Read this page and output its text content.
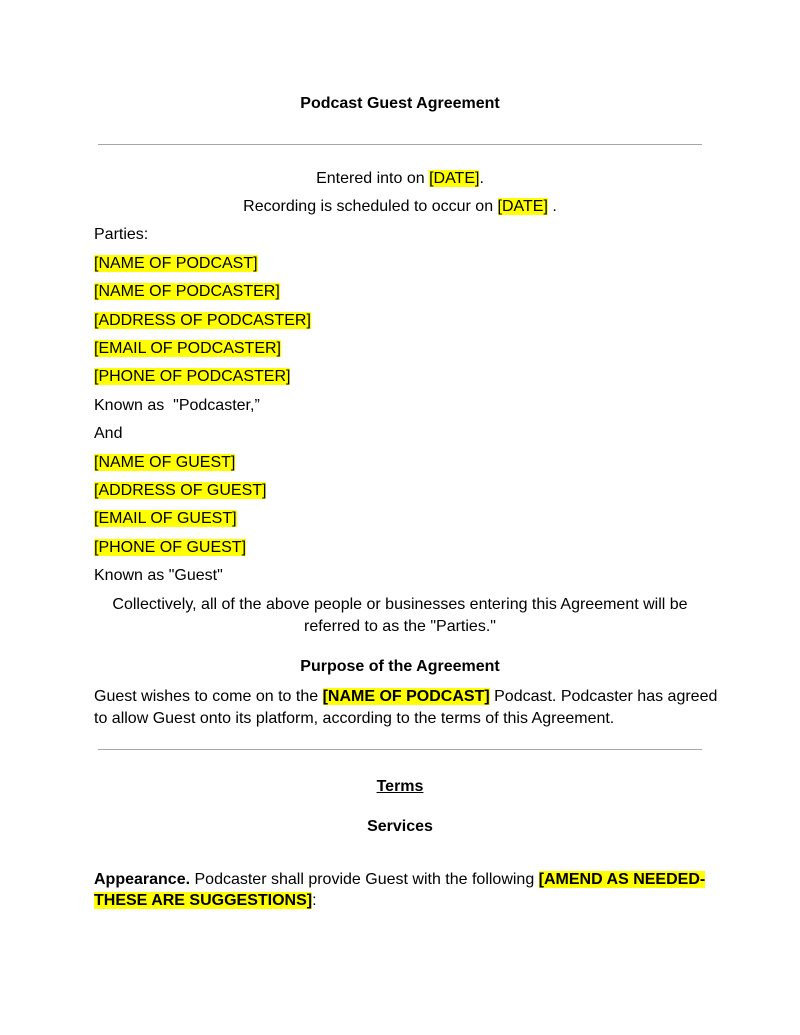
Podcast Guest Agreement
Entered into on [DATE].
Recording is scheduled to occur on [DATE] .
Parties:
[NAME OF PODCAST]
[NAME OF PODCASTER]
[ADDRESS OF PODCASTER]
[EMAIL OF PODCASTER]
[PHONE OF PODCASTER]
Known as  "Podcaster,”
And
[NAME OF GUEST]
[ADDRESS OF GUEST]
[EMAIL OF GUEST]
[PHONE OF GUEST]
Known as "Guest"
Collectively, all of the above people or businesses entering this Agreement will be
referred to as the "Parties."
Purpose of the Agreement
Guest wishes to come on to the [NAME OF PODCAST] Podcast. Podcaster has agreed
to allow Guest onto its platform, according to the terms of this Agreement.
Terms
Services
Appearance. Podcaster shall provide Guest with the following [AMEND AS NEEDED-
THESE ARE SUGGESTIONS]:
